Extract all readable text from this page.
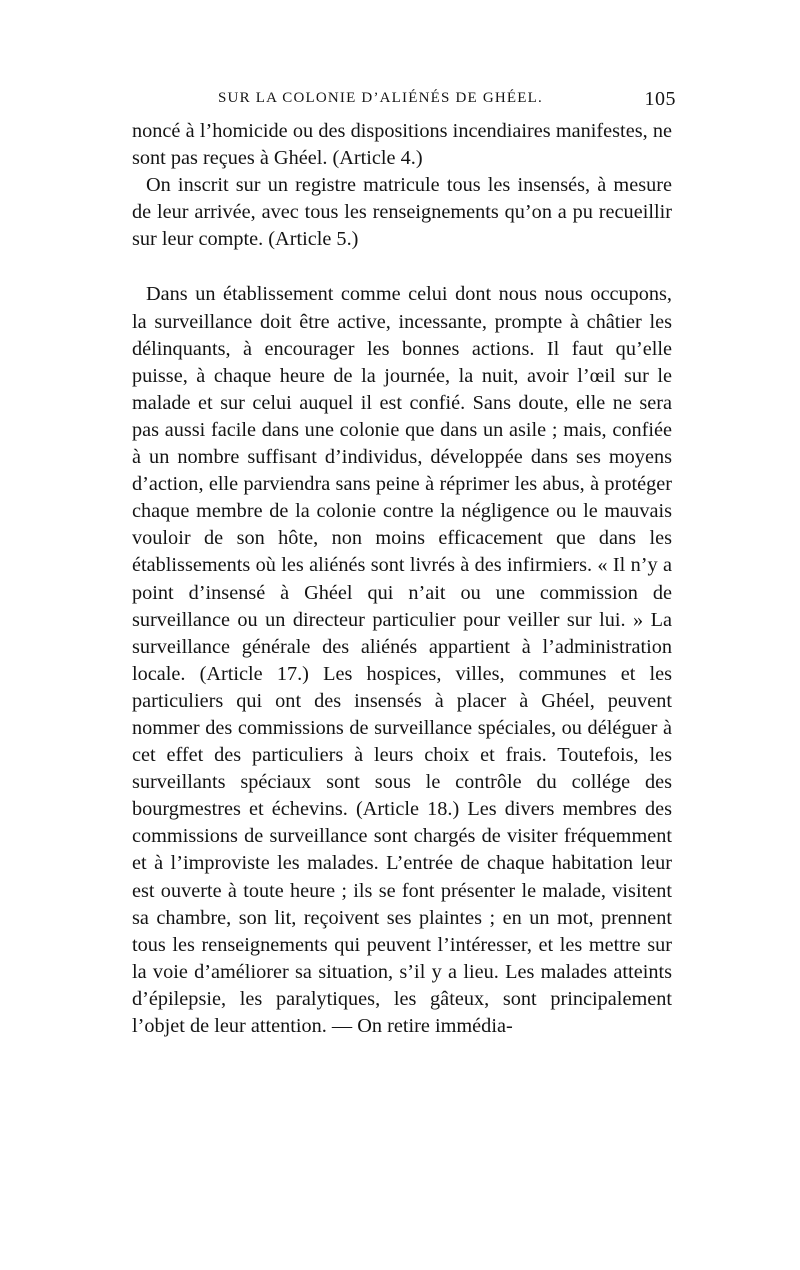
SUR LA COLONIE D’ALIÉNÉS DE GHÉEL.	105

noncé à l’homicide ou des dispositions incendiaires manifestes, ne sont pas reçues à Ghéel. (Article 4.)

On inscrit sur un registre matricule tous les insensés, à mesure de leur arrivée, avec tous les renseignements qu’on a pu recueillir sur leur compte. (Article 5.)

Dans un établissement comme celui dont nous nous occupons, la surveillance doit être active, incessante, prompte à châtier les délinquants, à encourager les bonnes actions. Il faut qu’elle puisse, à chaque heure de la journée, la nuit, avoir l’œil sur le malade et sur celui auquel il est confié. Sans doute, elle ne sera pas aussi facile dans une colonie que dans un asile ; mais, confiée à un nombre suffisant d’individus, développée dans ses moyens d’action, elle parviendra sans peine à réprimer les abus, à protéger chaque membre de la colonie contre la négligence ou le mauvais vouloir de son hôte, non moins efficacement que dans les établissements où les aliénés sont livrés à des infirmiers. « Il n’y a point d’insensé à Ghéel qui n’ait ou une commission de surveillance ou un directeur particulier pour veiller sur lui. » La surveillance générale des aliénés appartient à l’administration locale. (Article 17.) Les hospices, villes, communes et les particuliers qui ont des insensés à placer à Ghéel, peuvent nommer des commissions de surveillance spéciales, ou déléguer à cet effet des particuliers à leurs choix et frais. Toutefois, les surveillants spéciaux sont sous le contrôle du collége des bourgmestres et échevins. (Article 18.) Les divers membres des commissions de surveillance sont chargés de visiter fréquemment et à l’improviste les malades. L’entrée de chaque habitation leur est ouverte à toute heure ; ils se font présenter le malade, visitent sa chambre, son lit, reçoivent ses plaintes ; en un mot, prennent tous les renseignements qui peuvent l’intéresser, et les mettre sur la voie d’améliorer sa situation, s’il y a lieu. Les malades atteints d’épilepsie, les paralytiques, les gâteux, sont principalement l’objet de leur attention. — On retire immédia-
